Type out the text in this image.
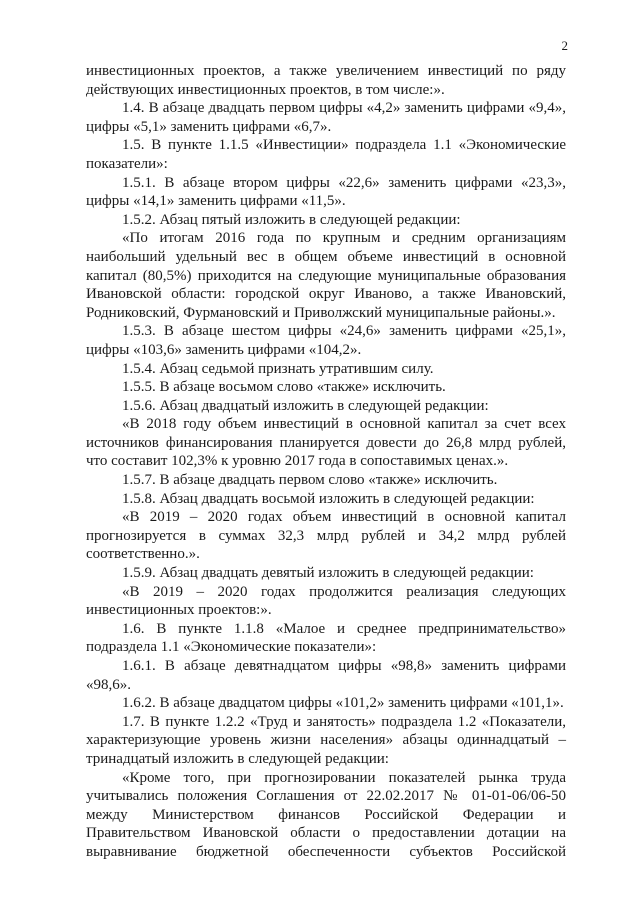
2

инвестиционных проектов, а также увеличением инвестиций по ряду действующих инвестиционных проектов, в том числе:».

1.4. В абзаце двадцать первом цифры «4,2» заменить цифрами «9,4», цифры «5,1» заменить цифрами «6,7».

1.5. В пункте 1.1.5 «Инвестиции» подраздела 1.1 «Экономические показатели»:

1.5.1. В абзаце втором цифры «22,6» заменить цифрами «23,3», цифры «14,1» заменить цифрами «11,5».

1.5.2. Абзац пятый изложить в следующей редакции:

«По итогам 2016 года по крупным и средним организациям наибольший удельный вес в общем объеме инвестиций в основной капитал (80,5%) приходится на следующие муниципальные образования Ивановской области: городской округ Иваново, а также Ивановский, Родниковский, Фурмановский и Приволжский муниципальные районы.».

1.5.3. В абзаце шестом цифры «24,6» заменить цифрами «25,1», цифры «103,6» заменить цифрами «104,2».

1.5.4. Абзац седьмой признать утратившим силу.

1.5.5. В абзаце восьмом слово «также» исключить.

1.5.6. Абзац двадцатый изложить в следующей редакции:

«В 2018 году объем инвестиций в основной капитал за счет всех источников финансирования планируется довести до 26,8 млрд рублей, что составит 102,3% к уровню 2017 года в сопоставимых ценах.».

1.5.7. В абзаце двадцать первом слово «также» исключить.

1.5.8. Абзац двадцать восьмой изложить в следующей редакции:

«В 2019 – 2020 годах объем инвестиций в основной капитал прогнозируется в суммах 32,3 млрд рублей и 34,2 млрд рублей соответственно.».

1.5.9. Абзац двадцать девятый изложить в следующей редакции:

«В 2019 – 2020 годах продолжится реализация следующих инвестиционных проектов:».

1.6. В пункте 1.1.8 «Малое и среднее предпринимательство» подраздела 1.1 «Экономические показатели»:

1.6.1. В абзаце девятнадцатом цифры «98,8» заменить цифрами «98,6».

1.6.2. В абзаце двадцатом цифры «101,2» заменить цифрами «101,1».

1.7. В пункте 1.2.2 «Труд и занятость» подраздела 1.2 «Показатели, характеризующие уровень жизни населения» абзацы одиннадцатый – тринадцатый изложить в следующей редакции:

«Кроме того, при прогнозировании показателей рынка труда учитывались положения Соглашения от 22.02.2017 № 01-01-06/06-50 между Министерством финансов Российской Федерации и Правительством Ивановской области о предоставлении дотации на выравнивание бюджетной обеспеченности субъектов Российской
